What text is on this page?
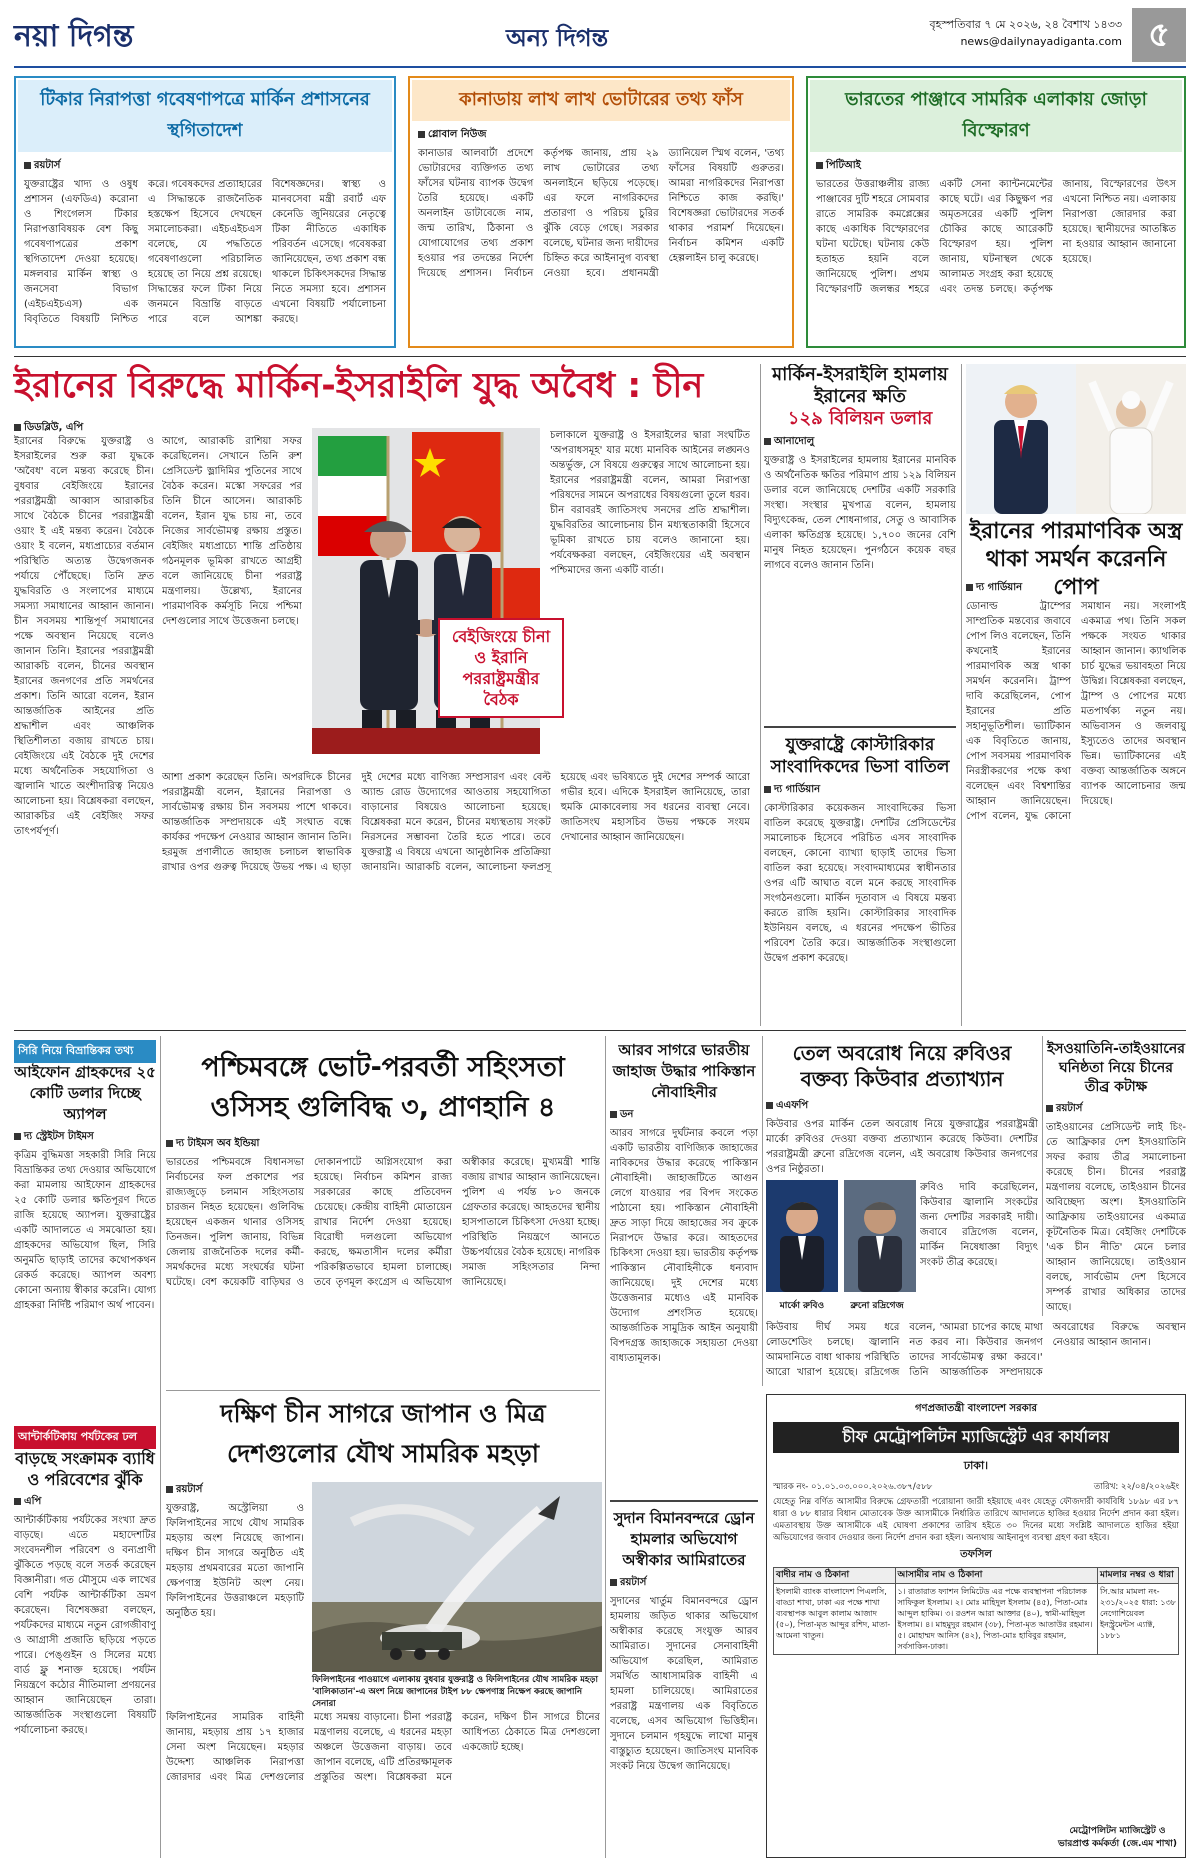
নয়া দিগন্ত	অন্য দিগন্ত	বৃহস্পতিবার ৭ মে ২০২৬, ২৪ বৈশাখ ১৪৩৩
news@dailynayadiganta.com ৫
টিকার নিরাপত্তা গবেষণাপত্রে মার্কিন প্রশাসনের স্থগিতাদেশ
রয়টার্স
যুক্তরাষ্ট্রের খাদ্য ও ওষুধ প্রশাসন (এফডিএ) করোনা ও শিংগেলস টিকার নিরাপত্তাবিষয়ক বেশ কিছু গবেষণাপত্রের প্রকাশ স্থগিতাদেশ দেওয়া হয়েছে। মঙ্গলবার মার্কিন স্বাস্থ্য ও জনসেবা বিভাগ (এইচএইচএস) এক বিবৃতিতে বিষয়টি নিশ্চিত করে। গবেষকদের প্রত্যাহারের এ সিদ্ধান্তকে রাজনৈতিক হস্তক্ষেপ হিসেবে দেখছেন সমালোচকরা। এইচএইচএস বলেছে, যে পদ্ধতিতে গবেষণাগুলো পরিচালিত হয়েছে তা নিয়ে প্রশ্ন রয়েছে। সিদ্ধান্তের ফলে টিকা নিয়ে জনমনে বিভ্রান্তি বাড়তে পারে বলে আশঙ্কা বিশেষজ্ঞদের। স্বাস্থ্য ও মানবসেবা মন্ত্রী রবার্ট এফ কেনেডি জুনিয়রের নেতৃত্বে টিকা নীতিতে একাধিক পরিবর্তন এসেছে। গবেষকরা জানিয়েছেন, তথ্য প্রকাশ বন্ধ থাকলে চিকিৎসকদের সিদ্ধান্ত নিতে সমস্যা হবে। প্রশাসন এখনো বিষয়টি পর্যালোচনা করছে।
কানাডায় লাখ লাখ ভোটারের তথ্য ফাঁস
গ্লোবাল নিউজ
কানাডার আলবার্টা প্রদেশে ভোটারদের ব্যক্তিগত তথ্য ফাঁসের ঘটনায় ব্যাপক উদ্বেগ তৈরি হয়েছে। একটি অনলাইন ডাটাবেজে নাম, জন্ম তারিখ, ঠিকানা ও যোগাযোগের তথ্য প্রকাশ হওয়ার পর তদন্তের নির্দেশ দিয়েছে প্রশাসন। নির্বাচন কর্তৃপক্ষ জানায়, প্রায় ২৯ লাখ ভোটারের তথ্য অনলাইনে ছড়িয়ে পড়েছে। এর ফলে নাগরিকদের প্রতারণা ও পরিচয় চুরির ঝুঁকি বেড়ে গেছে। সরকার বলেছে, ঘটনার জন্য দায়ীদের চিহ্নিত করে আইনানুগ ব্যবস্থা নেওয়া হবে। প্রধানমন্ত্রী ড্যানিয়েল স্মিথ বলেন, 'তথ্য ফাঁসের বিষয়টি গুরুতর। আমরা নাগরিকদের নিরাপত্তা নিশ্চিতে কাজ করছি।' বিশেষজ্ঞরা ভোটারদের সতর্ক থাকার পরামর্শ দিয়েছেন। নির্বাচন কমিশন একটি হেল্পলাইন চালু করেছে।
ভারতের পাঞ্জাবে সামরিক এলাকায় জোড়া বিস্ফোরণ
পিটিআই
ভারতের উত্তরাঞ্চলীয় রাজ্য পাঞ্জাবের দুটি শহরে সোমবার রাতে সামরিক কমপ্লেক্সের কাছে একাধিক বিস্ফোরণের ঘটনা ঘটেছে। ঘটনায় কেউ হতাহত হয়নি বলে জানিয়েছে পুলিশ। প্রথম বিস্ফোরণটি জলন্ধর শহরে একটি সেনা ক্যান্টনমেন্টের কাছে ঘটে। এর কিছুক্ষণ পর অমৃতসরের একটি পুলিশ চৌকির কাছে আরেকটি বিস্ফোরণ হয়। পুলিশ জানায়, ঘটনাস্থল থেকে আলামত সংগ্রহ করা হয়েছে এবং তদন্ত চলছে। কর্তৃপক্ষ জানায়, বিস্ফোরণের উৎস এখনো নিশ্চিত নয়। এলাকায় নিরাপত্তা জোরদার করা হয়েছে। স্থানীয়দের আতঙ্কিত না হওয়ার আহ্বান জানানো হয়েছে।
ইরানের বিরুদ্ধে মার্কিন-ইসরাইলি যুদ্ধ অবৈধ : চীন
ডিডব্লিউ, এপি
ইরানের বিরুদ্ধে যুক্তরাষ্ট্র ও ইসরাইলের শুরু করা যুদ্ধকে 'অবৈধ' বলে মন্তব্য করেছে চীন। বুধবার বেইজিংয়ে ইরানের পররাষ্ট্রমন্ত্রী আব্বাস আরাকচির সাথে বৈঠকে চীনের পররাষ্ট্রমন্ত্রী ওয়াং ই এই মন্তব্য করেন। বৈঠকে ওয়াং ই বলেন, মধ্যপ্রাচ্যের বর্তমান পরিস্থিতি অত্যন্ত উদ্বেগজনক পর্যায়ে পৌঁছেছে। তিনি দ্রুত যুদ্ধবিরতি ও সংলাপের মাধ্যমে সমস্যা সমাধানের আহ্বান জানান। চীন সবসময় শান্তিপূর্ণ সমাধানের পক্ষে অবস্থান নিয়েছে বলেও জানান তিনি। ইরানের পররাষ্ট্রমন্ত্রী আরাকচি বলেন, চীনের অবস্থান ইরানের জনগণের প্রতি সমর্থনের প্রকাশ। তিনি আরো বলেন, ইরান আন্তর্জাতিক আইনের প্রতি শ্রদ্ধাশীল এবং আঞ্চলিক স্থিতিশীলতা বজায় রাখতে চায়। বেইজিংয়ে এই বৈঠকে দুই দেশের মধ্যে অর্থনৈতিক সহযোগিতা ও জ্বালানি খাতে অংশীদারিত্ব নিয়েও আলোচনা হয়। বিশ্লেষকরা বলছেন, আরাকচির এই বেইজিং সফর তাৎপর্যপূর্ণ।
আগে, আরাকচি রাশিয়া সফর করেছিলেন। সেখানে তিনি রুশ প্রেসিডেন্ট ভ্লাদিমির পুতিনের সাথে বৈঠক করেন। মস্কো সফরের পর তিনি চীনে আসেন। আরাকচি বলেন, ইরান যুদ্ধ চায় না, তবে নিজের সার্বভৌমত্ব রক্ষায় প্রস্তুত। বেইজিং মধ্যপ্রাচ্যে শান্তি প্রতিষ্ঠায় গঠনমূলক ভূমিকা রাখতে আগ্রহী বলে জানিয়েছে চীনা পররাষ্ট্র মন্ত্রণালয়। উল্লেখ্য, ইরানের পারমাণবিক কর্মসূচি নিয়ে পশ্চিমা দেশগুলোর সাথে উত্তেজনা চলছে।
চলাকালে যুক্তরাষ্ট্র ও ইসরাইলের দ্বারা সংঘটিত 'অপরাধসমূহ' যার মধ্যে মানবিক আইনের লঙ্ঘনও অন্তর্ভুক্ত, সে বিষয়ে গুরুত্বের সাথে আলোচনা হয়। ইরানের পররাষ্ট্রমন্ত্রী বলেন, আমরা নিরাপত্তা পরিষদের সামনে অপরাধের বিষয়গুলো তুলে ধরব। চীন বরাবরই জাতিসংঘ সনদের প্রতি শ্রদ্ধাশীল। যুদ্ধবিরতির আলোচনায় চীন মধ্যস্থতাকারী হিসেবে ভূমিকা রাখতে চায় বলেও জানানো হয়। পর্যবেক্ষকরা বলছেন, বেইজিংয়ের এই অবস্থান পশ্চিমাদের জন্য একটি বার্তা।
বেইজিংয়ে চীনা ও ইরানি পররাষ্ট্রমন্ত্রীর বৈঠক
আশা প্রকাশ করেছেন তিনি। অপরদিকে চীনের পররাষ্ট্রমন্ত্রী বলেন, ইরানের নিরাপত্তা ও সার্বভৌমত্ব রক্ষায় চীন সবসময় পাশে থাকবে। আন্তর্জাতিক সম্প্রদায়কে এই সংঘাত বন্ধে কার্যকর পদক্ষেপ নেওয়ার আহ্বান জানান তিনি। হরমুজ প্রণালীতে জাহাজ চলাচল স্বাভাবিক রাখার ওপর গুরুত্ব দিয়েছে উভয় পক্ষ। এ ছাড়া দুই দেশের মধ্যে বাণিজ্য সম্প্রসারণ এবং বেল্ট অ্যান্ড রোড উদ্যোগের আওতায় সহযোগিতা বাড়ানোর বিষয়েও আলোচনা হয়েছে। বিশ্লেষকরা মনে করেন, চীনের মধ্যস্থতায় সংকট নিরসনের সম্ভাবনা তৈরি হতে পারে। তবে যুক্তরাষ্ট্র এ বিষয়ে এখনো আনুষ্ঠানিক প্রতিক্রিয়া জানায়নি। আরাকচি বলেন, আলোচনা ফলপ্রসূ হয়েছে এবং ভবিষ্যতে দুই দেশের সম্পর্ক আরো গভীর হবে। এদিকে ইসরাইল জানিয়েছে, তারা হুমকি মোকাবেলায় সব ধরনের ব্যবস্থা নেবে। জাতিসংঘ মহাসচিব উভয় পক্ষকে সংযম দেখানোর আহ্বান জানিয়েছেন।
মার্কিন-ইসরাইলি হামলায় ইরানের ক্ষতি
১২৯ বিলিয়ন ডলার
আনাদোলু
যুক্তরাষ্ট্র ও ইসরাইলের হামলায় ইরানের মানবিক ও অর্থনৈতিক ক্ষতির পরিমাণ প্রায় ১২৯ বিলিয়ন ডলার বলে জানিয়েছে দেশটির একটি সরকারি সংস্থা। সংস্থার মুখপাত্র বলেন, হামলায় বিদ্যুৎকেন্দ্র, তেল শোধনাগার, সেতু ও আবাসিক এলাকা ক্ষতিগ্রস্ত হয়েছে। ১,৭০০ জনের বেশি মানুষ নিহত হয়েছেন। পুনর্গঠনে কয়েক বছর লাগবে বলেও জানান তিনি।
যুক্তরাষ্ট্রে কোস্টারিকার সাংবাদিকদের ভিসা বাতিল
দ্য গার্ডিয়ান
কোস্টারিকার কয়েকজন সাংবাদিকের ভিসা বাতিল করেছে যুক্তরাষ্ট্র। দেশটির প্রেসিডেন্টের সমালোচক হিসেবে পরিচিত এসব সাংবাদিক বলছেন, কোনো ব্যাখ্যা ছাড়াই তাদের ভিসা বাতিল করা হয়েছে। সংবাদমাধ্যমের স্বাধীনতার ওপর এটি আঘাত বলে মনে করছে সাংবাদিক সংগঠনগুলো। মার্কিন দূতাবাস এ বিষয়ে মন্তব্য করতে রাজি হয়নি। কোস্টারিকার সাংবাদিক ইউনিয়ন বলছে, এ ধরনের পদক্ষেপ ভীতির পরিবেশ তৈরি করে। আন্তর্জাতিক সংস্থাগুলো উদ্বেগ প্রকাশ করেছে।
ইরানের পারমাণবিক অস্ত্র থাকা সমর্থন করেননি পোপ
দ্য গার্ডিয়ান
ডোনাল্ড ট্রাম্পের সাম্প্রতিক মন্তব্যের জবাবে পোপ লিও বলেছেন, তিনি কখনোই ইরানের পারমাণবিক অস্ত্র থাকা সমর্থন করেননি। ট্রাম্প দাবি করেছিলেন, পোপ ইরানের প্রতি সহানুভূতিশীল। ভ্যাটিকান এক বিবৃতিতে জানায়, পোপ সবসময় পারমাণবিক নিরস্ত্রীকরণের পক্ষে কথা বলেছেন এবং বিশ্বশান্তির আহ্বান জানিয়েছেন। পোপ বলেন, যুদ্ধ কোনো সমাধান নয়। সংলাপই একমাত্র পথ। তিনি সকল পক্ষকে সংযত থাকার আহ্বান জানান। ক্যাথলিক চার্চ যুদ্ধের ভয়াবহতা নিয়ে উদ্বিগ্ন। বিশ্লেষকরা বলছেন, ট্রাম্প ও পোপের মধ্যে মতপার্থক্য নতুন নয়। অভিবাসন ও জলবায়ু ইস্যুতেও তাদের অবস্থান ভিন্ন। ভ্যাটিকানের এই বক্তব্য আন্তর্জাতিক অঙ্গনে ব্যাপক আলোচনার জন্ম দিয়েছে।
সিরি নিয়ে বিভ্রান্তিকর তথ্য
আইফোন গ্রাহকদের ২৫ কোটি ডলার দিচ্ছে অ্যাপল
দ্য স্ট্রেইটস টাইমস
কৃত্রিম বুদ্ধিমত্তা সহকারী সিরি নিয়ে বিভ্রান্তিকর তথ্য দেওয়ার অভিযোগে করা মামলায় আইফোন গ্রাহকদের ২৫ কোটি ডলার ক্ষতিপূরণ দিতে রাজি হয়েছে অ্যাপল। যুক্তরাষ্ট্রের একটি আদালতে এ সমঝোতা হয়। গ্রাহকদের অভিযোগ ছিল, সিরি অনুমতি ছাড়াই তাদের কথোপকথন রেকর্ড করেছে। অ্যাপল অবশ্য কোনো অন্যায় স্বীকার করেনি। যোগ্য গ্রাহকরা নির্দিষ্ট পরিমাণ অর্থ পাবেন।
আন্টার্কটিকায় পর্যটকের ঢল
বাড়ছে সংক্রামক ব্যাধি ও পরিবেশের ঝুঁকি
এপি
আন্টার্কটিকায় পর্যটকের সংখ্যা দ্রুত বাড়ছে। এতে মহাদেশটির সংবেদনশীল পরিবেশ ও বন্যপ্রাণী ঝুঁকিতে পড়ছে বলে সতর্ক করেছেন বিজ্ঞানীরা। গত মৌসুমে এক লাখের বেশি পর্যটক আন্টার্কটিকা ভ্রমণ করেছেন। বিশেষজ্ঞরা বলছেন, পর্যটকদের মাধ্যমে নতুন রোগজীবাণু ও আগ্রাসী প্রজাতি ছড়িয়ে পড়তে পারে। পেঙ্গুইন ও সিলের মধ্যে বার্ড ফ্লু শনাক্ত হয়েছে। পর্যটন নিয়ন্ত্রণে কঠোর নীতিমালা প্রণয়নের আহ্বান জানিয়েছেন তারা। আন্তর্জাতিক সংস্থাগুলো বিষয়টি পর্যালোচনা করছে।
পশ্চিমবঙ্গে ভোট-পরবর্তী সহিংসতা ওসিসহ গুলিবিদ্ধ ৩, প্রাণহানি ৪
দ্য টাইমস অব ইন্ডিয়া
ভারতের পশ্চিমবঙ্গে বিধানসভা নির্বাচনের ফল প্রকাশের পর রাজ্যজুড়ে চলমান সহিংসতায় চারজন নিহত হয়েছেন। গুলিবিদ্ধ হয়েছেন একজন থানার ওসিসহ তিনজন। পুলিশ জানায়, বিভিন্ন জেলায় রাজনৈতিক দলের কর্মী-সমর্থকদের মধ্যে সংঘর্ষের ঘটনা ঘটেছে। বেশ কয়েকটি বাড়িঘর ও দোকানপাটে অগ্নিসংযোগ করা হয়েছে। নির্বাচন কমিশন রাজ্য সরকারের কাছে প্রতিবেদন চেয়েছে। কেন্দ্রীয় বাহিনী মোতায়েন রাখার নির্দেশ দেওয়া হয়েছে। বিরোধী দলগুলো অভিযোগ করছে, ক্ষমতাসীন দলের কর্মীরা পরিকল্পিতভাবে হামলা চালাচ্ছে। তবে তৃণমূল কংগ্রেস এ অভিযোগ অস্বীকার করেছে। মুখ্যমন্ত্রী শান্তি বজায় রাখার আহ্বান জানিয়েছেন। পুলিশ এ পর্যন্ত ৮০ জনকে গ্রেফতার করেছে। আহতদের স্থানীয় হাসপাতালে চিকিৎসা দেওয়া হচ্ছে। পরিস্থিতি নিয়ন্ত্রণে আনতে উচ্চপর্যায়ের বৈঠক হয়েছে। নাগরিক সমাজ সহিংসতার নিন্দা জানিয়েছে।
দক্ষিণ চীন সাগরে জাপান ও মিত্র দেশগুলোর যৌথ সামরিক মহড়া
রয়টার্স
যুক্তরাষ্ট্র, অস্ট্রেলিয়া ও ফিলিপাইনের সাথে যৌথ সামরিক মহড়ায় অংশ নিয়েছে জাপান। দক্ষিণ চীন সাগরে অনুষ্ঠিত এই মহড়ায় প্রথমবারের মতো জাপানি ক্ষেপণাস্ত্র ইউনিট অংশ নেয়। ফিলিপাইনের উত্তরাঞ্চলে মহড়াটি অনুষ্ঠিত হয়।
ফিলিপাইনের পাওয়াগে এলাকায় বুধবার যুক্তরাষ্ট্র ও ফিলিপাইনের যৌথ সামরিক মহড়া 'বালিকাতান'-এ অংশ নিয়ে জাপানের টাইপ ৮৮ ক্ষেপণাস্ত্র নিক্ষেপ করছে জাপানি সেনারা
ফিলিপাইনের সামরিক বাহিনী জানায়, মহড়ায় প্রায় ১৭ হাজার সেনা অংশ নিয়েছেন। মহড়ার উদ্দেশ্য আঞ্চলিক নিরাপত্তা জোরদার এবং মিত্র দেশগুলোর মধ্যে সমন্বয় বাড়ানো। চীনা পররাষ্ট্র মন্ত্রণালয় বলেছে, এ ধরনের মহড়া অঞ্চলে উত্তেজনা বাড়ায়। তবে জাপান বলেছে, এটি প্রতিরক্ষামূলক প্রস্তুতির অংশ। বিশ্লেষকরা মনে করেন, দক্ষিণ চীন সাগরে চীনের আধিপত্য ঠেকাতে মিত্র দেশগুলো একজোট হচ্ছে।
আরব সাগরে ভারতীয় জাহাজ উদ্ধার পাকিস্তান নৌবাহিনীর
ডন
আরব সাগরে দুর্ঘটনার কবলে পড়া একটি ভারতীয় বাণিজ্যিক জাহাজের নাবিকদের উদ্ধার করেছে পাকিস্তান নৌবাহিনী। জাহাজটিতে আগুন লেগে যাওয়ার পর বিপদ সংকেত পাঠানো হয়। পাকিস্তান নৌবাহিনী দ্রুত সাড়া দিয়ে জাহাজের সব ক্রুকে নিরাপদে উদ্ধার করে। আহতদের চিকিৎসা দেওয়া হয়। ভারতীয় কর্তৃপক্ষ পাকিস্তান নৌবাহিনীকে ধন্যবাদ জানিয়েছে। দুই দেশের মধ্যে উত্তেজনার মধ্যেও এই মানবিক উদ্যোগ প্রশংসিত হয়েছে। আন্তর্জাতিক সামুদ্রিক আইন অনুযায়ী বিপদগ্রস্ত জাহাজকে সহায়তা দেওয়া বাধ্যতামূলক।
সুদান বিমানবন্দরে ড্রোন হামলার অভিযোগ অস্বীকার আমিরাতের
রয়টার্স
সুদানের খার্তুম বিমানবন্দরে ড্রোন হামলায় জড়িত থাকার অভিযোগ অস্বীকার করেছে সংযুক্ত আরব আমিরাত। সুদানের সেনাবাহিনী অভিযোগ করেছিল, আমিরাত সমর্থিত আধাসামরিক বাহিনী এ হামলা চালিয়েছে। আমিরাতের পররাষ্ট্র মন্ত্রণালয় এক বিবৃতিতে বলেছে, এসব অভিযোগ ভিত্তিহীন। সুদানে চলমান গৃহযুদ্ধে লাখো মানুষ বাস্তুচ্যুত হয়েছেন। জাতিসংঘ মানবিক সংকট নিয়ে উদ্বেগ জানিয়েছে।
তেল অবরোধ নিয়ে রুবিওর বক্তব্য কিউবার প্রত্যাখ্যান
এএফপি
কিউবার ওপর মার্কিন তেল অবরোধ নিয়ে যুক্তরাষ্ট্রের পররাষ্ট্রমন্ত্রী মার্কো রুবিওর দেওয়া বক্তব্য প্রত্যাখ্যান করেছে কিউবা। দেশটির পররাষ্ট্রমন্ত্রী ব্রুনো রদ্রিগেজ বলেন, এই অবরোধ কিউবার জনগণের ওপর নিষ্ঠুরতা।
মার্কো রুবিও	ব্রুনো রদ্রিগেজ
রুবিও দাবি করেছিলেন, কিউবার জ্বালানি সংকটের জন্য দেশটির সরকারই দায়ী। জবাবে রদ্রিগেজ বলেন, মার্কিন নিষেধাজ্ঞা বিদ্যুৎ সংকট তীব্র করেছে।
কিউবায় দীর্ঘ সময় ধরে লোডশেডিং চলছে। জ্বালানি আমদানিতে বাধা থাকায় পরিস্থিতি আরো খারাপ হয়েছে। রদ্রিগেজ বলেন, 'আমরা চাপের কাছে মাথা নত করব না। কিউবার জনগণ তাদের সার্বভৌমত্ব রক্ষা করবে।' তিনি আন্তর্জাতিক সম্প্রদায়কে অবরোধের বিরুদ্ধে অবস্থান নেওয়ার আহ্বান জানান।
ইসওয়াতিনি-তাইওয়ানের ঘনিষ্ঠতা নিয়ে চীনের তীব্র কটাক্ষ
রয়টার্স
তাইওয়ানের প্রেসিডেন্ট লাই চিং-তে আফ্রিকার দেশ ইসওয়াতিনি সফর করায় তীব্র সমালোচনা করেছে চীন। চীনের পররাষ্ট্র মন্ত্রণালয় বলেছে, তাইওয়ান চীনের অবিচ্ছেদ্য অংশ। ইসওয়াতিনি আফ্রিকায় তাইওয়ানের একমাত্র কূটনৈতিক মিত্র। বেইজিং দেশটিকে 'এক চীন নীতি' মেনে চলার আহ্বান জানিয়েছে। তাইওয়ান বলছে, সার্বভৌম দেশ হিসেবে সম্পর্ক রাখার অধিকার তাদের আছে।
গণপ্রজাতন্ত্রী বাংলাদেশ সরকার
চীফ মেট্রোপলিটন ম্যাজিস্ট্রেট এর কার্যালয়
ঢাকা।
স্মারক নং- ০১.০১.০৩.০০০.২০২৬.৩৮৭/৫৮৮	তারিখ: ২২/০৪/২০২৬ইং
যেহেতু নিম্ন বর্ণিত আসামীর বিরুদ্ধে গ্রেফতারী পরোয়ানা জারী হইয়াছে এবং যেহেতু ফৌজদারী কার্যবিধি ১৮৯৮ এর ৮৭ ধারা ও ৮৮ ধারার বিধান মোতাবেক উক্ত আসামীকে নির্ধারিত তারিখে আদালতে হাজির হওয়ার নির্দেশ প্রদান করা হইল। এমতাবস্থায় উক্ত আসামীকে এই ঘোষণা প্রকাশের তারিখ হইতে ৩০ দিনের মধ্যে সংশ্লিষ্ট আদালতে হাজির হইয়া অভিযোগের জবাব দেওয়ার জন্য নির্দেশ প্রদান করা হইল। অন্যথায় আইনানুগ ব্যবস্থা গ্রহণ করা হইবে।
তফসিল
বাদীর নাম ও ঠিকানা	আসামীর নাম ও ঠিকানা	মামলার নম্বর ও ধারা
ইসলামী ব্যাংক বাংলাদেশ পিএলসি, বাড্ডা শাখা, ঢাকা এর পক্ষে শাখা ব্যবস্থাপক আবুল কালাম আজাদ (৫০), পিতা-মৃত আব্দুর রশিদ, মাতা-আমেনা খাতুন।	১। রাতারাত ফ্যাশন লিমিটেড এর পক্ষে ব্যবস্থাপনা পরিচালক সাফিকুল ইসলাম। ২। মোঃ মাহিদুল ইসলাম (৪৫), পিতা-মোঃ আব্দুল হাকিম। ৩। রওশন আরা আক্তার (৪০), স্বামী-মাহিদুল ইসলাম। ৪। মাহমুদুর রহমান (৩৮), পিতা-মৃত আতাউর রহমান। ৫। মোহাম্মদ আনিস (৪২), পিতা-মোঃ হাবিবুর রহমান, সর্বসাকিন-ঢাকা।	সি.আর মামলা নং- ২৩১/২০২৫ ধারা: ১৩৮ নেগোশিয়েবল ইনস্ট্রুমেন্টস এ্যাক্ট, ১৮৮১
মেট্রোপলিটন ম্যাজিস্ট্রেট ও
ভারপ্রাপ্ত কর্মকর্তা (জে.এম শাখা)
